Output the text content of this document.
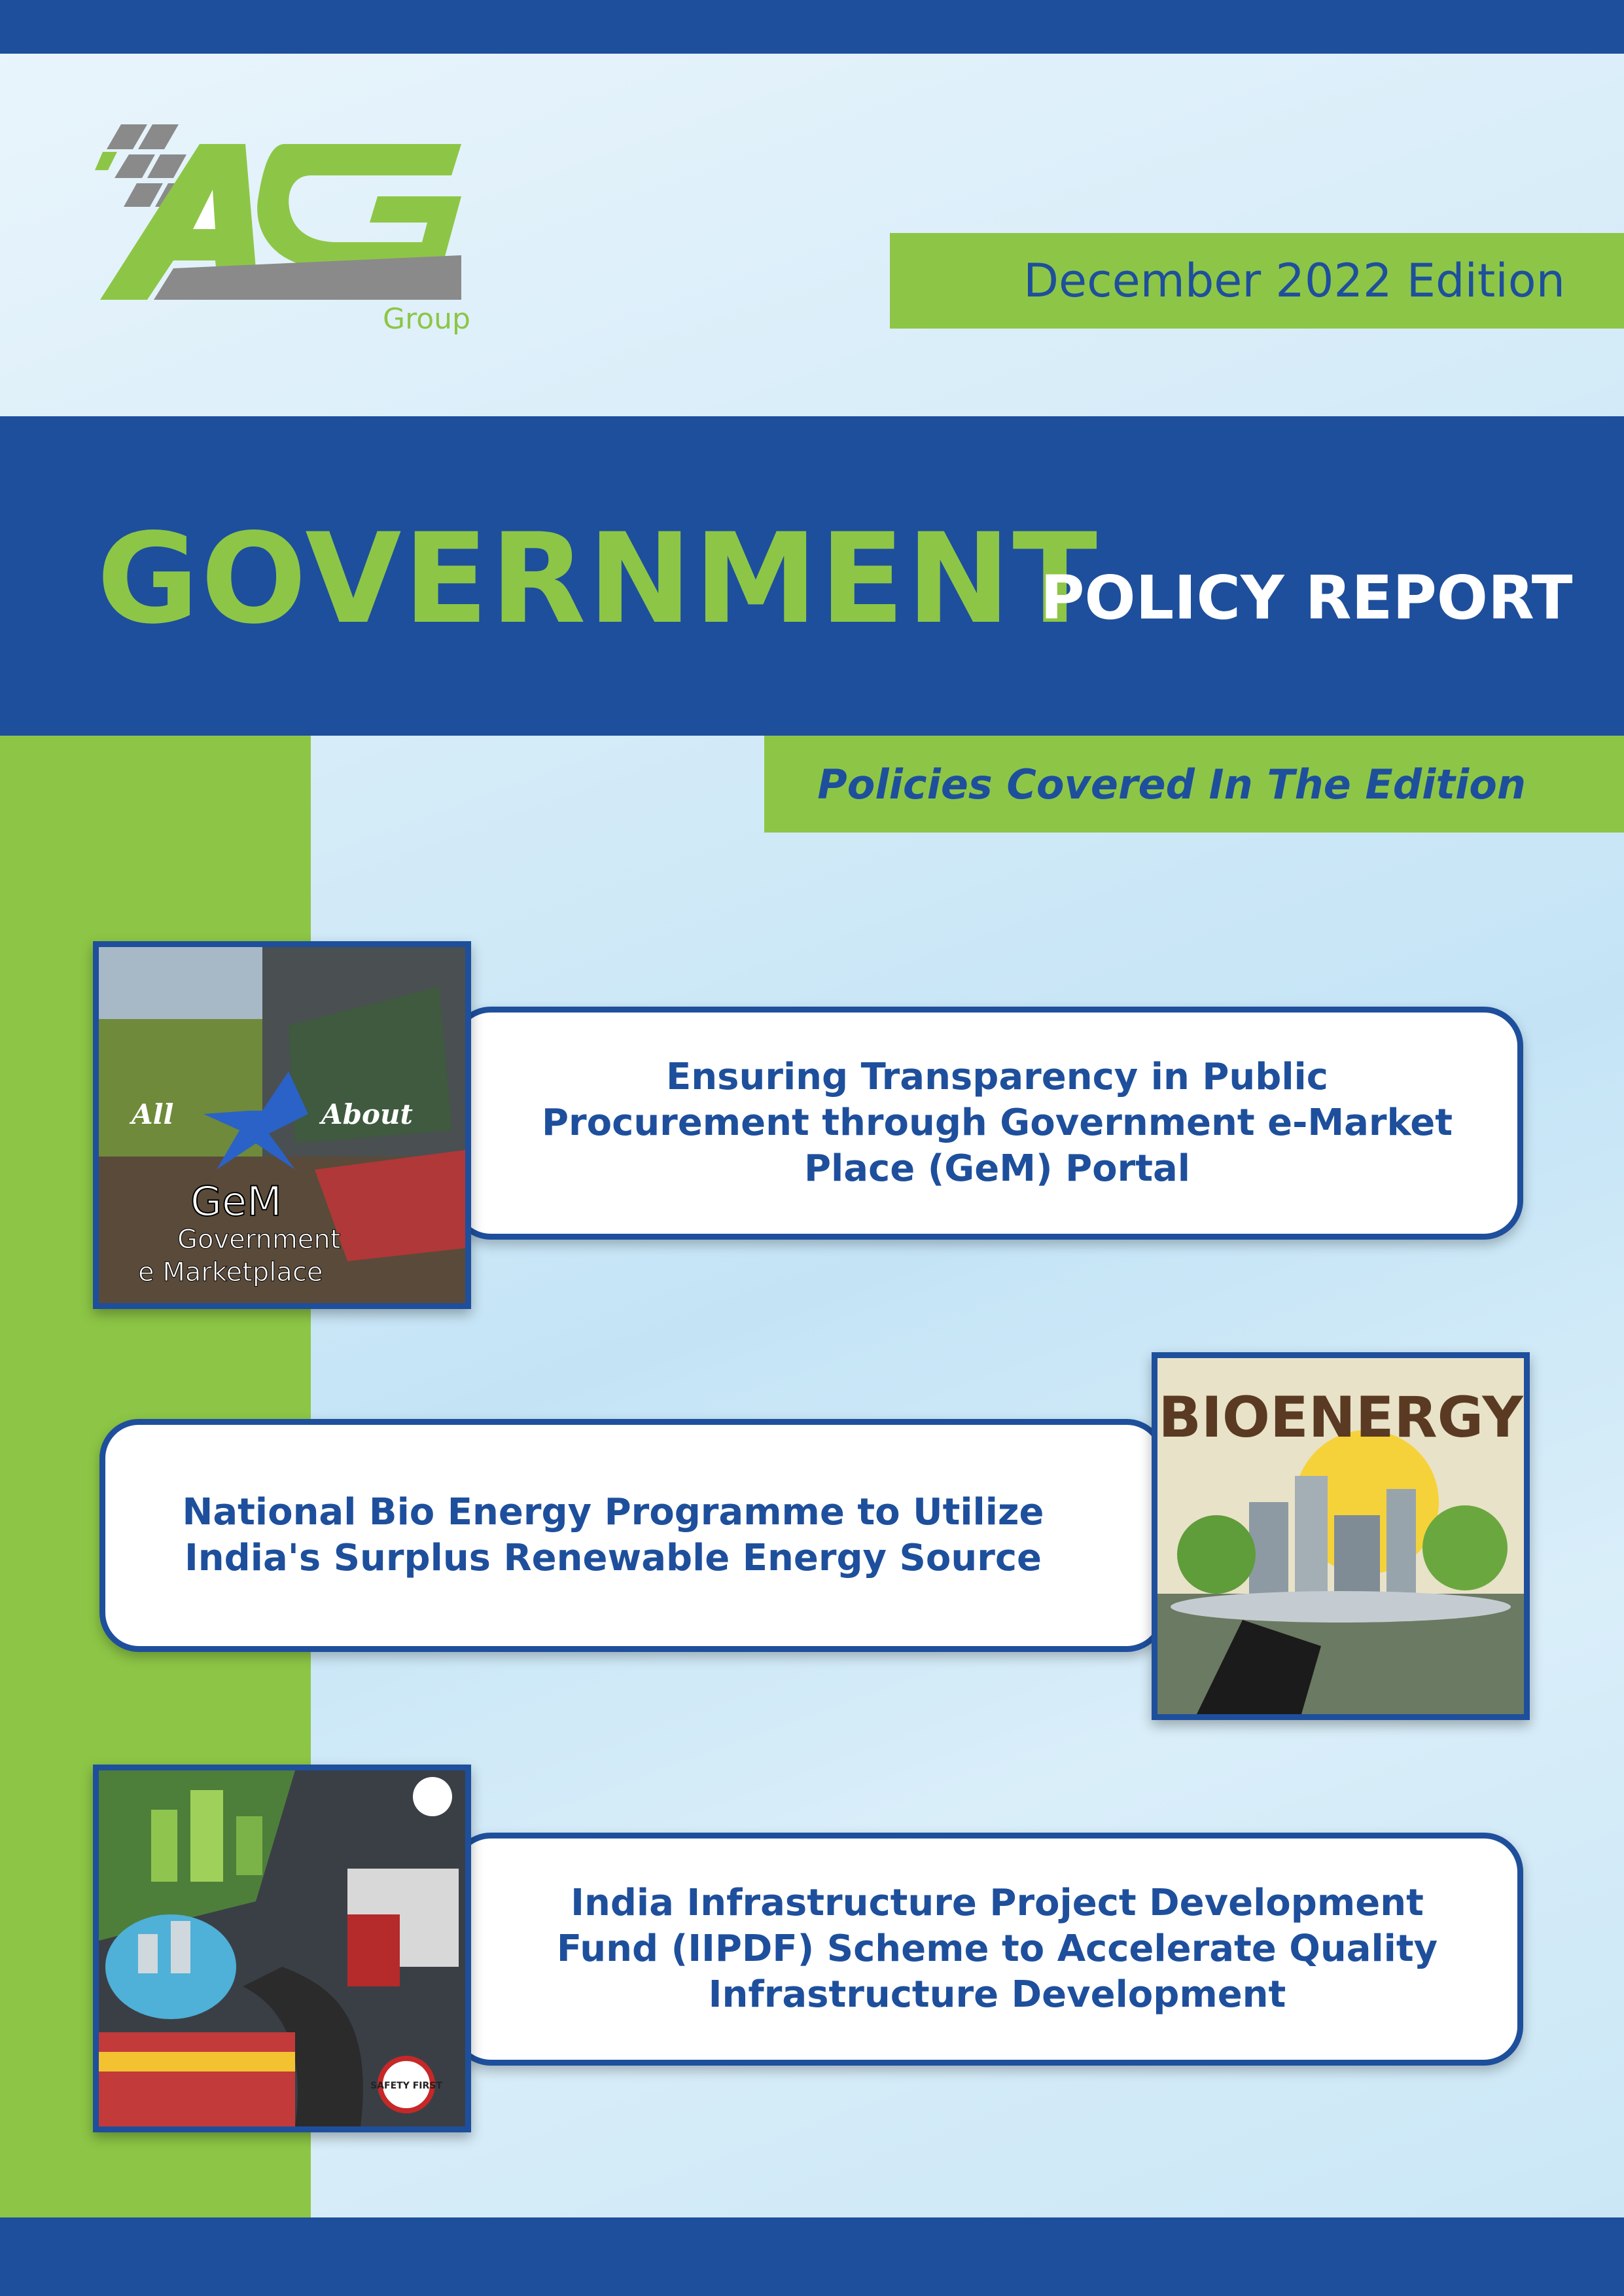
Group
December 2022 Edition
GOVERNMENT
POLICY REPORT
Policies Covered In The Edition
Ensuring Transparency in Public
Procurement through Government e-Market
Place (GeM) Portal
All	About
GeM
Government
e Marketplace
National Bio Energy Programme to Utilize
India's Surplus Renewable Energy Source
BIOENERGY
India Infrastructure Project Development
Fund (IIPDF) Scheme to Accelerate Quality
Infrastructure Development
SAFETY FIRST
